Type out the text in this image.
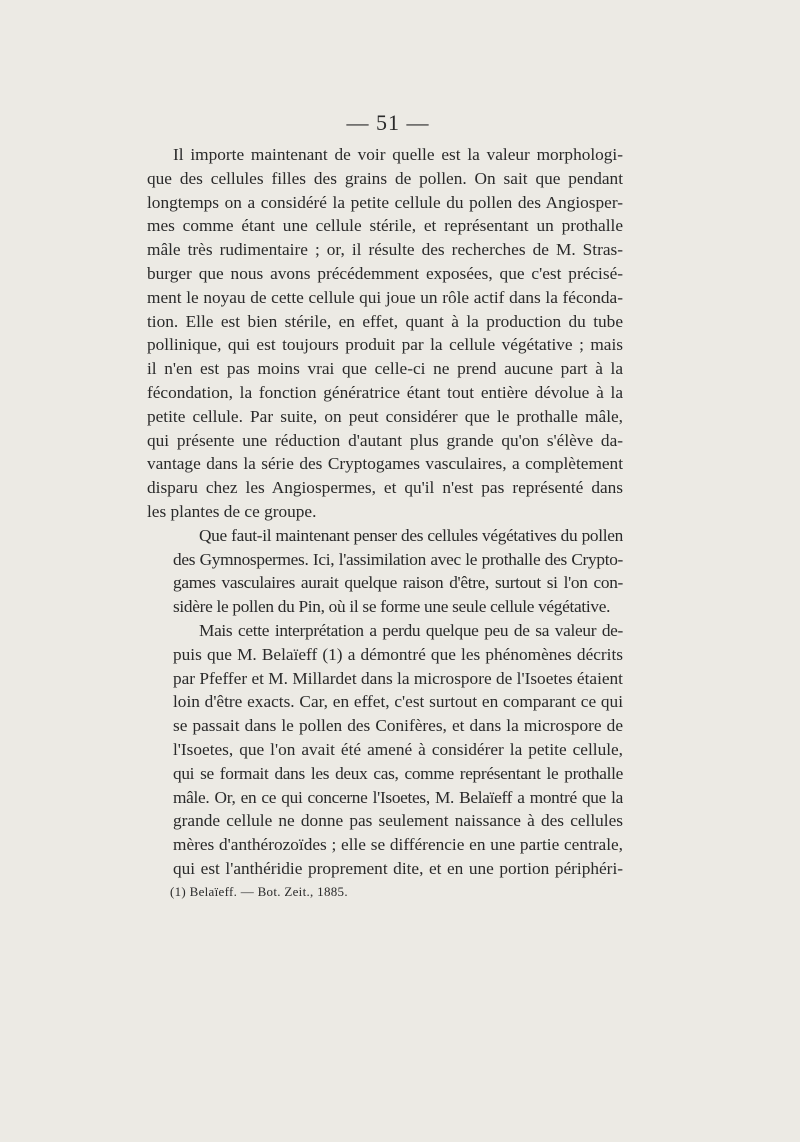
— 51 —

Il importe maintenant de voir quelle est la valeur morphologi-
que des cellules filles des grains de pollen. On sait que pendant
longtemps on a considéré la petite cellule du pollen des Angiosper-
mes comme étant une cellule stérile, et représentant un prothalle
mâle très rudimentaire ; or, il résulte des recherches de M. Stras-
burger que nous avons précédemment exposées, que c'est précisé-
ment le noyau de cette cellule qui joue un rôle actif dans la féconda-
tion. Elle est bien stérile, en effet, quant à la production du tube
pollinique, qui est toujours produit par la cellule végétative ; mais
il n'en est pas moins vrai que celle-ci ne prend aucune part à la
fécondation, la fonction génératrice étant tout entière dévolue à la
petite cellule. Par suite, on peut considérer que le prothalle mâle,
qui présente une réduction d'autant plus grande qu'on s'élève da-
vantage dans la série des Cryptogames vasculaires, a complètement
disparu chez les Angiospermes, et qu'il n'est pas représenté dans
les plantes de ce groupe.

Que faut-il maintenant penser des cellules végétatives du pollen
des Gymnospermes. Ici, l'assimilation avec le prothalle des Crypto-
games vasculaires aurait quelque raison d'être, surtout si l'on con-
sidère le pollen du Pin, où il se forme une seule cellule végétative.

Mais cette interprétation a perdu quelque peu de sa valeur de-
puis que M. Belaïeff (1) a démontré que les phénomènes décrits
par Pfeffer et M. Millardet dans la microspore de l'Isoetes étaient
loin d'être exacts. Car, en effet, c'est surtout en comparant ce qui
se passait dans le pollen des Conifères, et dans la microspore de
l'Isoetes, que l'on avait été amené à considérer la petite cellule,
qui se formait dans les deux cas, comme représentant le prothalle
mâle. Or, en ce qui concerne l'Isoetes, M. Belaïeff a montré que la
grande cellule ne donne pas seulement naissance à des cellules
mères d'anthérozoïdes ; elle se différencie en une partie centrale,
qui est l'anthéridie proprement dite, et en une portion périphéri-

(1) Belaïeff. — Bot. Zeit., 1885.
